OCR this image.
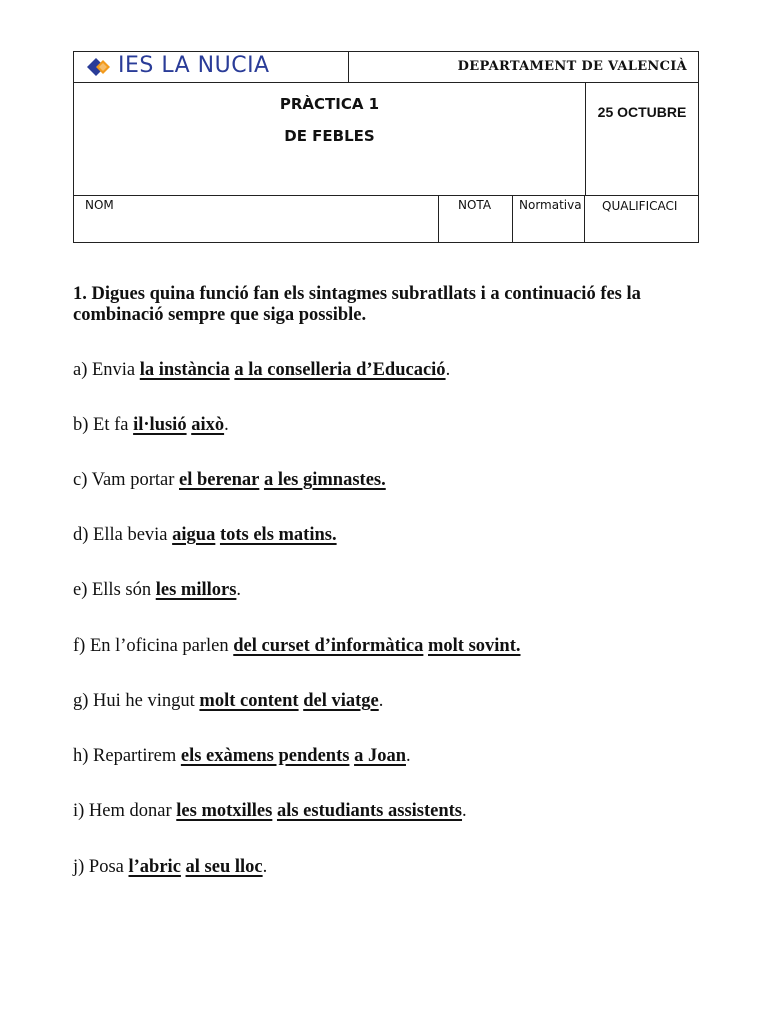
IES LA NUCIA	DEPARTAMENT DE VALENCIÀ
PRÀCTICA 1
DE FEBLES
25 OCTUBRE
NOM	NOTA	Normativa	QUALIFICACI
1. Digues quina funció fan els sintagmes subratllats i a continuació fes la combinació sempre que siga possible.
a) Envia la instància a la conselleria d’Educació.
b) Et fa il·lusió això.
c) Vam portar el berenar a les gimnastes.
d) Ella bevia aigua tots els matins.
e) Ells són les millors.
f) En l’oficina parlen del curset d’informàtica molt sovint.
g) Hui he vingut molt content del viatge.
h) Repartirem els exàmens pendents a Joan.
i) Hem donar les motxilles als estudiants assistents.
j) Posa l’abric al seu lloc.
